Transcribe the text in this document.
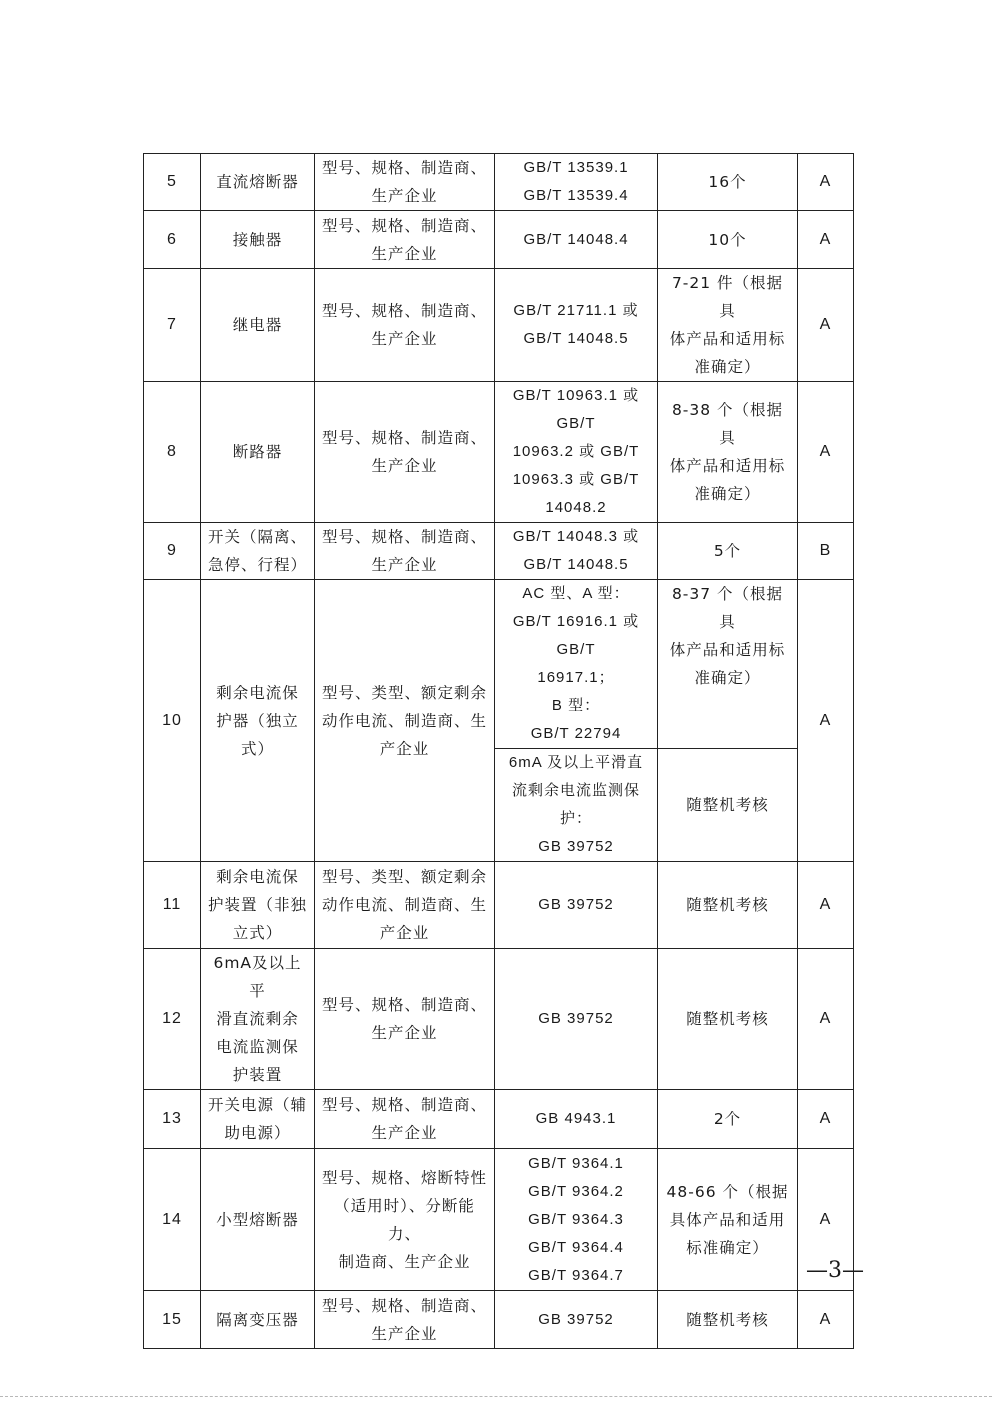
5	直流熔断器	型号、规格、制造商、
生产企业	GB/T 13539.1
GB/T 13539.4	16个	A
6	接触器	型号、规格、制造商、
生产企业	GB/T 14048.4	10个	A
7	继电器	型号、规格、制造商、
生产企业	GB/T 21711.1 或
GB/T 14048.5	7-21 件（根据具
体产品和适用标
准确定）	A
8	断路器	型号、规格、制造商、
生产企业	GB/T 10963.1 或 GB/T
10963.2 或 GB/T
10963.3 或 GB/T
14048.2	8-38 个（根据具
体产品和适用标
准确定）	A
9	开关（隔离、
急停、行程）	型号、规格、制造商、
生产企业	GB/T 14048.3 或
GB/T 14048.5	5个	B
10	剩余电流保
护器（独立
式）	型号、类型、额定剩余
动作电流、制造商、生
产企业	AC 型、A 型：
GB/T 16916.1 或 GB/T
16917.1；
B 型：
GB/T 22794	8-37 个（根据具
体产品和适用标
准确定）	A
			6mA 及以上平滑直
流剩余电流监测保
护：
GB 39752	随整机考核	
11	剩余电流保
护装置（非独
立式）	型号、类型、额定剩余
动作电流、制造商、生
产企业	GB 39752	随整机考核	A
12	6mA及以上平
滑直流剩余
电流监测保
护装置	型号、规格、制造商、
生产企业	GB 39752	随整机考核	A
13	开关电源（辅
助电源）	型号、规格、制造商、
生产企业	GB 4943.1	2个	A
14	小型熔断器	型号、规格、熔断特性
（适用时）、分断能力、
制造商、生产企业	GB/T 9364.1
GB/T 9364.2
GB/T 9364.3
GB/T 9364.4
GB/T 9364.7	48-66 个（根据
具体产品和适用
标准确定）	A
15	隔离变压器	型号、规格、制造商、
生产企业	GB 39752	随整机考核	A
—3—
